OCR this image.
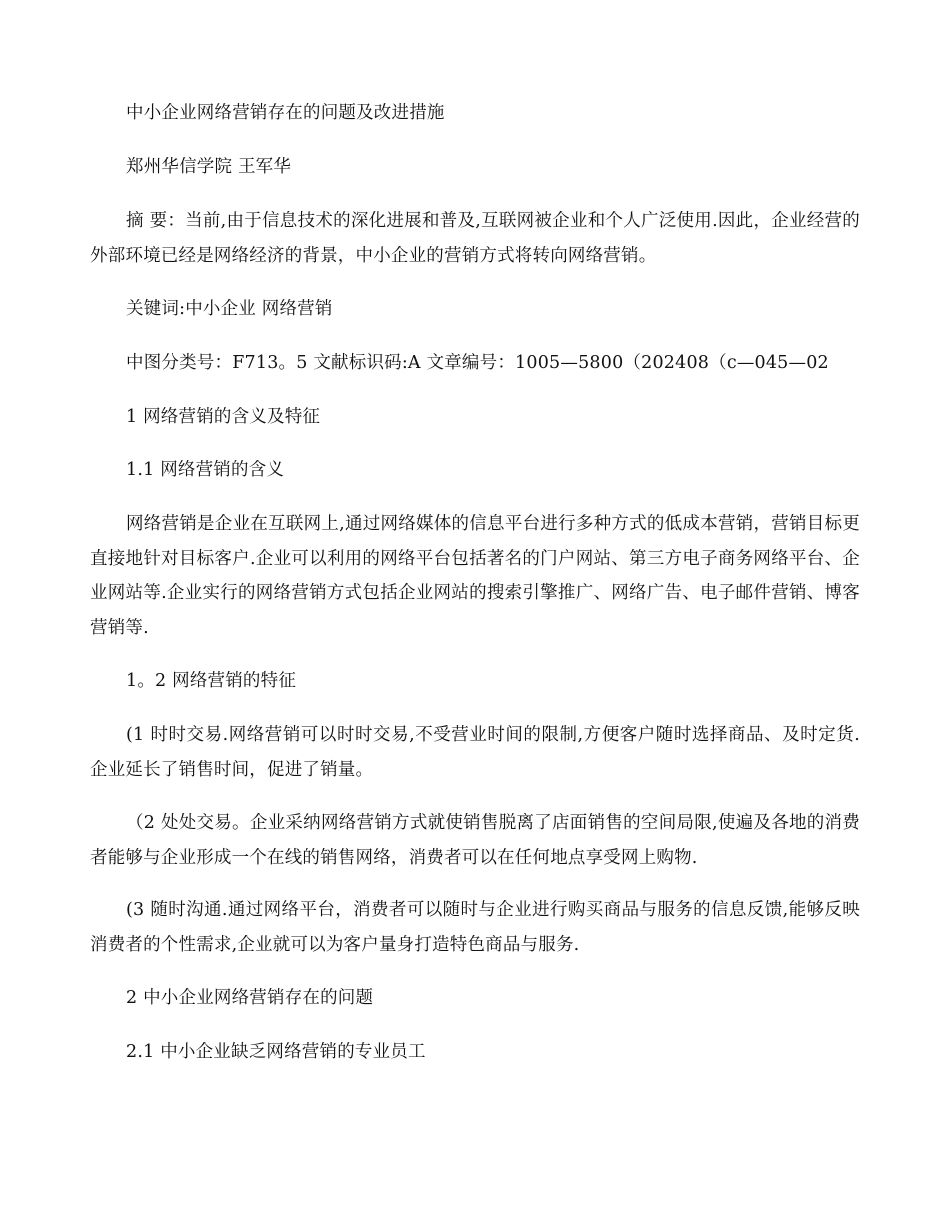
中小企业网络营销存在的问题及改进措施
郑州华信学院 王军华
摘 要：当前,由于信息技术的深化进展和普及,互联网被企业和个人广泛使用.因此，企业经营的外部环境已经是网络经济的背景，中小企业的营销方式将转向网络营销。
关键词:中小企业 网络营销
中图分类号：F713。5 文献标识码:A 文章编号：1005—5800（202408（c—045—02
1 网络营销的含义及特征
1.1 网络营销的含义
网络营销是企业在互联网上,通过网络媒体的信息平台进行多种方式的低成本营销，营销目标更直接地针对目标客户.企业可以利用的网络平台包括著名的门户网站、第三方电子商务网络平台、企业网站等.企业实行的网络营销方式包括企业网站的搜索引擎推广、网络广告、电子邮件营销、博客营销等.
1。2 网络营销的特征
(1 时时交易.网络营销可以时时交易,不受营业时间的限制,方便客户随时选择商品、及时定货.企业延长了销售时间，促进了销量。
（2 处处交易。企业采纳网络营销方式就使销售脱离了店面销售的空间局限,使遍及各地的消费者能够与企业形成一个在线的销售网络，消费者可以在任何地点享受网上购物.
(3 随时沟通.通过网络平台，消费者可以随时与企业进行购买商品与服务的信息反馈,能够反映消费者的个性需求,企业就可以为客户量身打造特色商品与服务.
2 中小企业网络营销存在的问题
2.1 中小企业缺乏网络营销的专业员工
